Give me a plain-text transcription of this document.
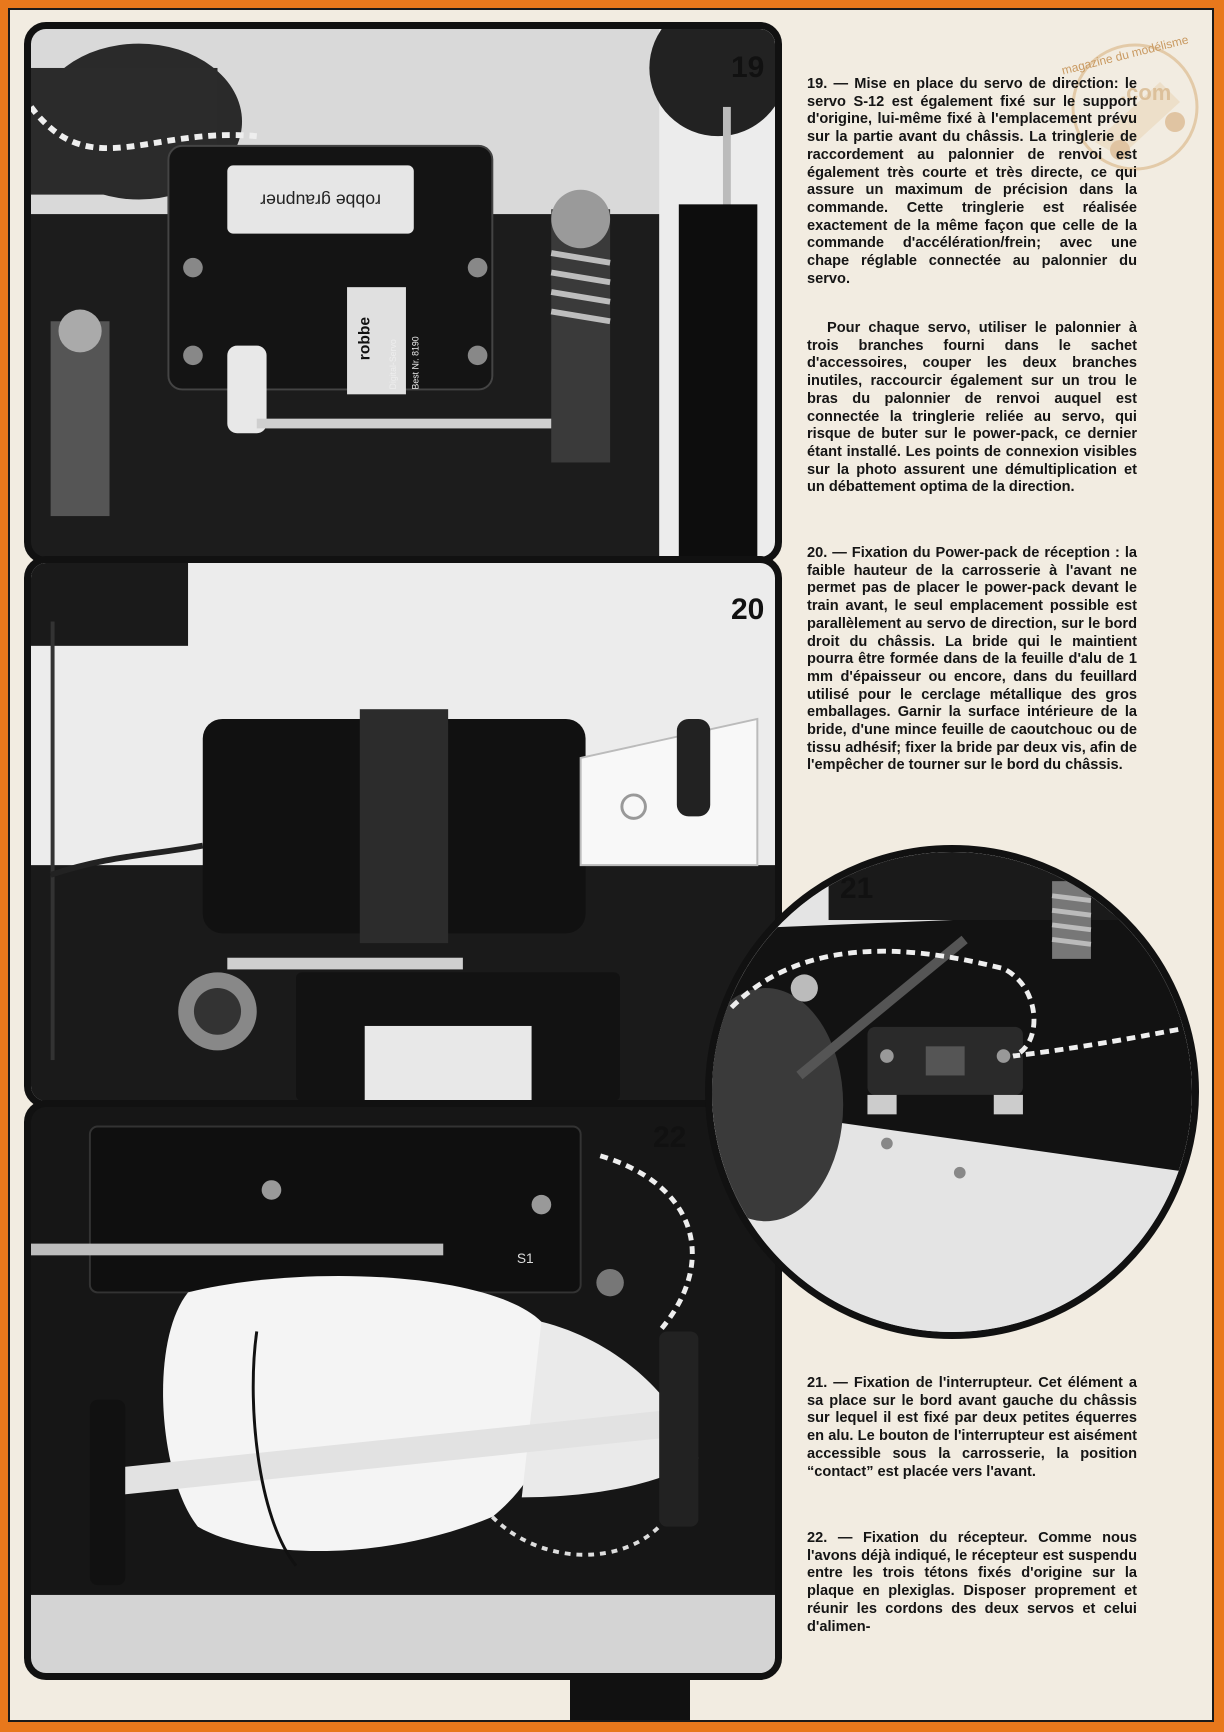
magazine du modélisme
.com
robbe graupner
robbe
Digital-Servo Best Nr. 8190
19
20
S1
22
21

19. — Mise en place du servo de direction: le servo S-12 est également fixé sur le support d'origine, lui-même fixé à l'emplacement prévu sur la partie avant du châssis. La tringlerie de raccordement au palonnier de renvoi est également très courte et très directe, ce qui assure un maximum de précision dans la commande. Cette tringlerie est réalisée exactement de la même façon que celle de la commande d'accélération/frein; avec une chape réglable connectée au palonnier du servo.

Pour chaque servo, utiliser le palonnier à trois branches fourni dans le sachet d'accessoires, couper les deux branches inutiles, raccourcir également sur un trou le bras du palonnier de renvoi auquel est connectée la tringlerie reliée au servo, qui risque de buter sur le power-pack, ce dernier étant installé. Les points de connexion visibles sur la photo assurent une démultiplication et un débattement optima de la direction.

20. — Fixation du Power-pack de réception : la faible hauteur de la carrosserie à l'avant ne permet pas de placer le power-pack devant le train avant, le seul emplacement possible est parallèlement au servo de direction, sur le bord droit du châssis. La bride qui le maintient pourra être formée dans de la feuille d'alu de 1 mm d'épaisseur ou encore, dans du feuillard utilisé pour le cerclage métallique des gros emballages. Garnir la surface intérieure de la bride, d'une mince feuille de caoutchouc ou de tissu adhésif; fixer la bride par deux vis, afin de l'empêcher de tourner sur le bord du châssis.

21. — Fixation de l'interrupteur. Cet élément a sa place sur le bord avant gauche du châssis sur lequel il est fixé par deux petites équerres en alu. Le bouton de l'interrupteur est aisément accessible sous la carrosserie, la position “contact” est placée vers l'avant.

22. — Fixation du récepteur. Comme nous l'avons déjà indiqué, le récepteur est suspendu entre les trois tétons fixés d'origine sur la plaque en plexiglas. Disposer proprement et réunir les cordons des deux servos et celui d'alimen-
